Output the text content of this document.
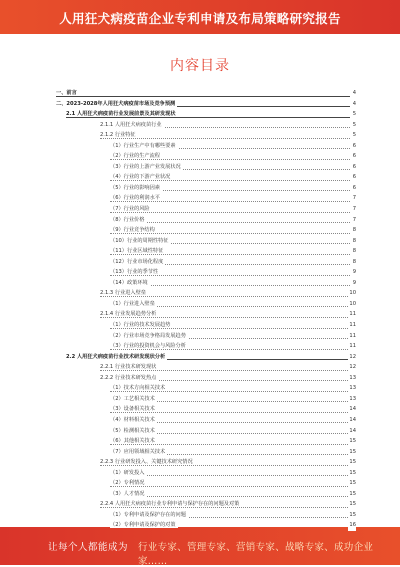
人用狂犬病疫苗企业专利申请及布局策略研究报告
内容目录
一、前言	4
二、2023-2028年人用狂犬病疫苗市场及竞争预测	4
2.1 人用狂犬病疫苗行业发展前景及其研发现状	5
2.1.1 人用狂犬病疫苗行业	5
2.1.2 行业特征	5
（1）行业生产中有哪些要素	6
（2）行业的生产流程	6
（3）行业的上游产业发展状况	6
（4）行业的下游产业状况	6
（5）行业的影响因素	6
（6）行业的利润水平	7
（7）行业的风险	7
（8）行业价格	7
（9）行业竞争结构	8
（10）行业的周期性特征	8
（11）行业区域性特征	8
（12）行业市场化程度	8
（13）行业的季节性	9
（14）政策环境	9
2.1.3 行业进入壁垒	10
（1）行业进入壁垒	10
2.1.4 行业发展趋势分析	11
（1）行业的技术发展趋势	11
（2）行业市场竞争格局发展趋势	11
（3）行业的投资机会与风险分析	11
2.2 人用狂犬病疫苗行业技术研发现状分析	12
2.2.1 行业技术研发现状	12
2.2.2 行业技术研发热点	13
（1）技术方向相关技术	13
（2）工艺相关技术	13
（3）设备相关技术	14
（4）材料相关技术	14
（5）检测相关技术	14
（6）其他相关技术	15
（7）应用领域相关技术	15
2.2.3 行业研发投入、关键技术研究情况	15
（1）研发投入	15
（2）专利情况	15
（3）人才情况	15
2.2.4 人用狂犬病疫苗行业专利申请与保护存在的问题及对策	15
（1）专利申请及保护存在的问题	15
（2）专利申请及保护的对策	16
让每个人都能成为 行业专家、管理专家、营销专家、战略专家、成功企业家……
